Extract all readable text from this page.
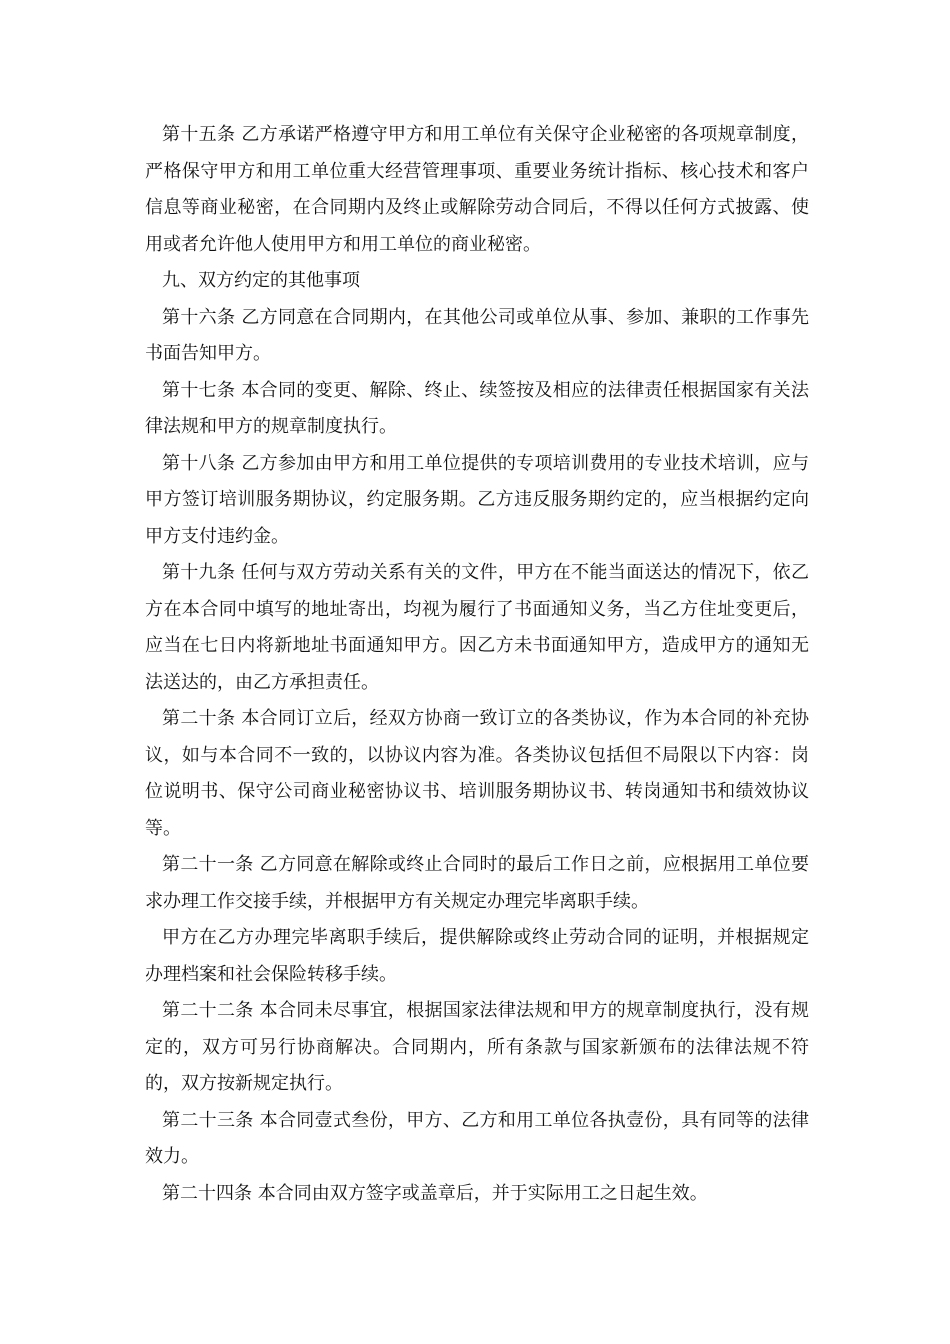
第十五条 乙方承诺严格遵守甲方和用工单位有关保守企业秘密的各项规章制度，严格保守甲方和用工单位重大经营管理事项、重要业务统计指标、核心技术和客户信息等商业秘密，在合同期内及终止或解除劳动合同后，不得以任何方式披露、使用或者允许他人使用甲方和用工单位的商业秘密。

九、双方约定的其他事项

第十六条 乙方同意在合同期内，在其他公司或单位从事、参加、兼职的工作事先书面告知甲方。

第十七条 本合同的变更、解除、终止、续签按及相应的法律责任根据国家有关法律法规和甲方的规章制度执行。

第十八条 乙方参加由甲方和用工单位提供的专项培训费用的专业技术培训，应与甲方签订培训服务期协议，约定服务期。乙方违反服务期约定的，应当根据约定向甲方支付违约金。

第十九条 任何与双方劳动关系有关的文件，甲方在不能当面送达的情况下，依乙方在本合同中填写的地址寄出，均视为履行了书面通知义务，当乙方住址变更后，应当在七日内将新地址书面通知甲方。因乙方未书面通知甲方，造成甲方的通知无法送达的，由乙方承担责任。

第二十条 本合同订立后，经双方协商一致订立的各类协议，作为本合同的补充协议，如与本合同不一致的，以协议内容为准。各类协议包括但不局限以下内容：岗位说明书、保守公司商业秘密协议书、培训服务期协议书、转岗通知书和绩效协议等。

第二十一条 乙方同意在解除或终止合同时的最后工作日之前，应根据用工单位要求办理工作交接手续，并根据甲方有关规定办理完毕离职手续。

甲方在乙方办理完毕离职手续后，提供解除或终止劳动合同的证明，并根据规定办理档案和社会保险转移手续。

第二十二条 本合同未尽事宜，根据国家法律法规和甲方的规章制度执行，没有规定的，双方可另行协商解决。合同期内，所有条款与国家新颁布的法律法规不符的，双方按新规定执行。

第二十三条 本合同壹式叁份，甲方、乙方和用工单位各执壹份，具有同等的法律效力。

第二十四条 本合同由双方签字或盖章后，并于实际用工之日起生效。
